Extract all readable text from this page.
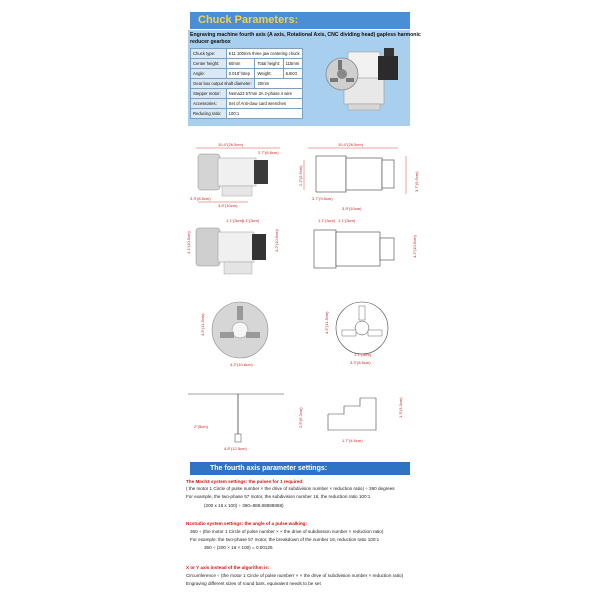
Chuck Parameters:
Engraving machine fourth axis (A axis, Rotational Axis, CNC dividing head) gapless harmonic reducer gearbox
Chuck type:	K11 100mm three jaw centering chuck		
Center height:	60mm	Total height:	115mm
Angle:	0.018°/step	Weight:	6.5KG
Gear box output shaft diameter:		20mm	
Stepper motor:	Nema23 57mm 3A 2-phase 4 wire		
Accessories:	Set of Anti-claw card wrenches		
Reducing ratio:	100:1		
10.4"(26.5cm)
2.7"(6.8cm)
3.3"(8.5cm)
3.9"(10cm)
10.4"(26.5cm)
2.2"(5.5cm)	3.7"(9.5cm)
3.7"(9.5cm)
3.9"(10cm)
1.1"(3cm)
1.1"(3cm)
4.1"(10.5cm)	4.2"(10.6cm)
1.1"(3cm) 1.1"(3cm)
4.2"(10.6cm)
4.5"(11.5cm)
4.2"(10.6cm)
4.5"(11.5cm)
3.3"(8.5cm)
1.1"(3cm)
2"(5cm)
4.8"(12.5cm)
2.5"(6.2cm)
1.7"(4.5cm)
1.3"(3.3cm)
The fourth axis parameter settings:
The Mach3 system settings: the pulses for 1 required:
( the motor 1 Circle of pulse number × the drive of subdivision number × reduction ratio) ÷ 360 degrees
For example, the two-phase 57 motor, the subdivision number 16, the reduction ratio 100:1
(200 x 16 x 100) ÷ 360=888.88888888)
Ncstudio system settings: the angle of a pulse walking:
360 ÷ (the motor 1 Circle of pulse number × × the drive of subdivision number × reduction ratio)
For example: the two-phase 57 motor, the breakdown of the number 16, reduction ratio 100:1
360 ÷ (200 × 16 × 100) = 0.00125
X or Y axis instead of the algorithm is:
Circumference ÷ (the motor 1 Circle of pulse numberr × × the drive of subdivision number × reduction ratio)
Engraving different sizes of round bars, equivalent needs to be set
